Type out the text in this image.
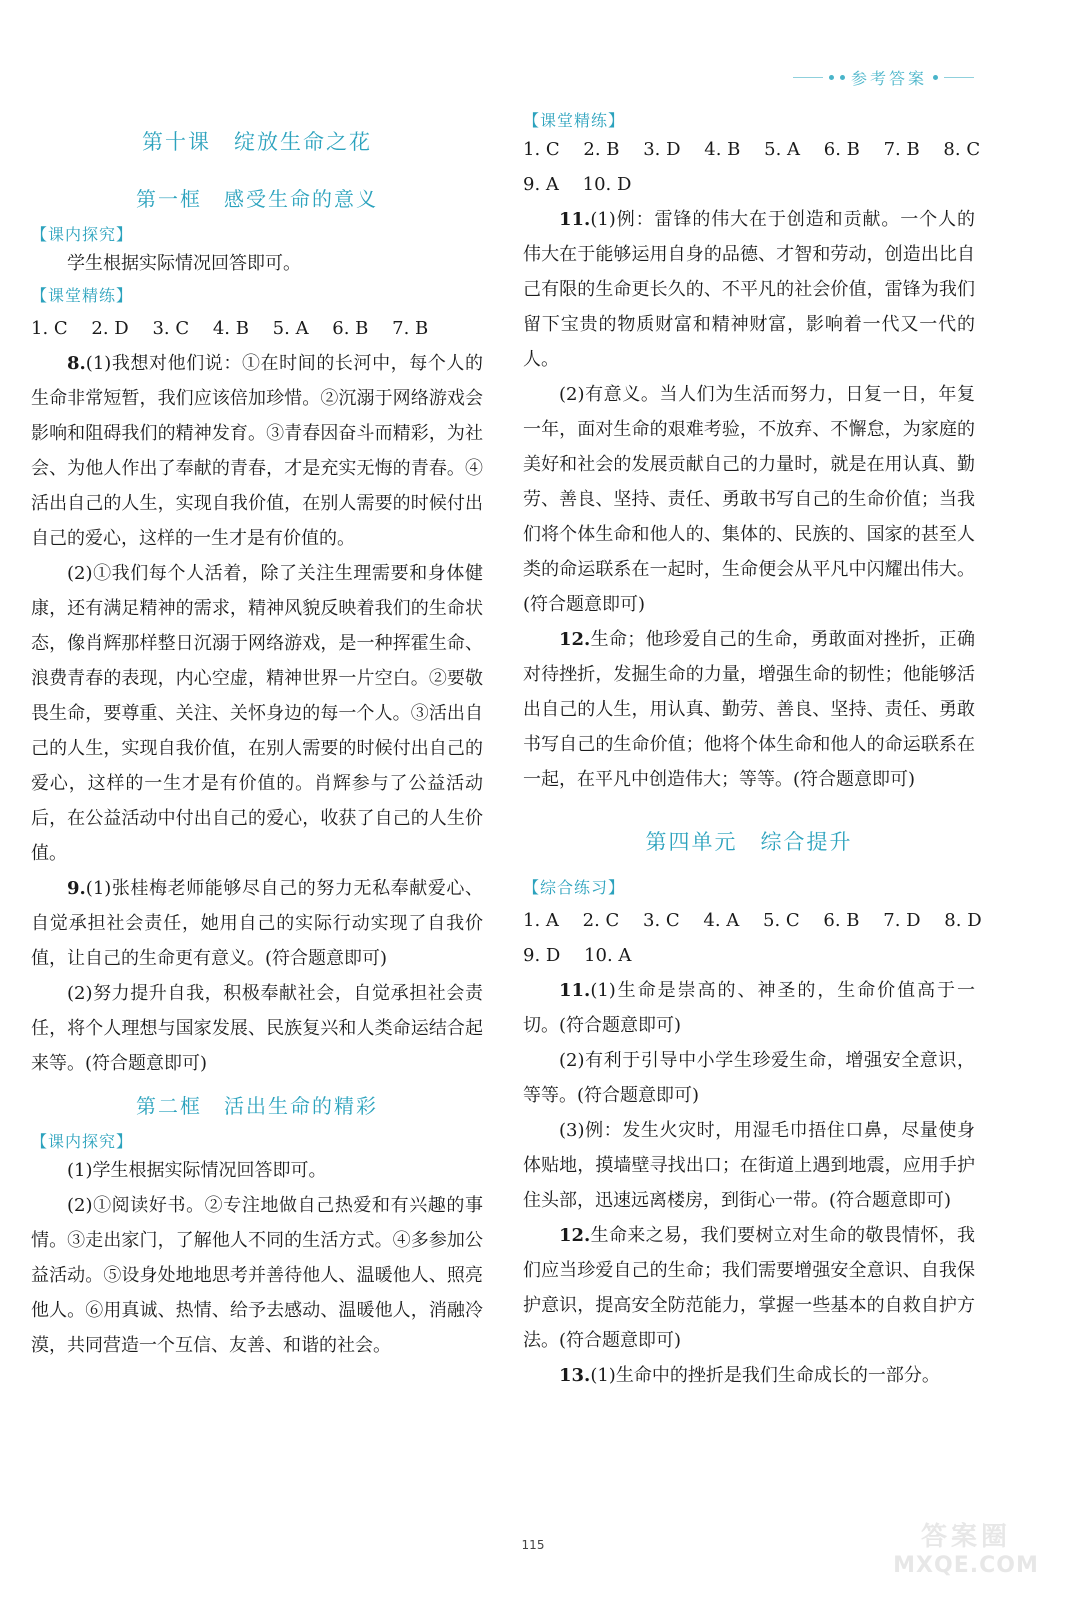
参考答案
第十课　绽放生命之花
第一框　感受生命的意义
【课内探究】

学生根据实际情况回答即可。

【课堂精练】

1. C　 2. D　 3. C　 4. B　 5. A　 6. B　 7. B

8.(1)我想对他们说：①在时间的长河中，每个人的生命非常短暂，我们应该倍加珍惜。②沉溺于网络游戏会影响和阻碍我们的精神发育。③青春因奋斗而精彩，为社会、为他人作出了奉献的青春，才是充实无悔的青春。④活出自己的人生，实现自我价值，在别人需要的时候付出自己的爱心，这样的一生才是有价值的。

(2)①我们每个人活着，除了关注生理需要和身体健康，还有满足精神的需求，精神风貌反映着我们的生命状态，像肖辉那样整日沉溺于网络游戏，是一种挥霍生命、浪费青春的表现，内心空虚，精神世界一片空白。②要敬畏生命，要尊重、关注、关怀身边的每一个人。③活出自己的人生，实现自我价值，在别人需要的时候付出自己的爱心，这样的一生才是有价值的。肖辉参与了公益活动后，在公益活动中付出自己的爱心，收获了自己的人生价值。

9.(1)张桂梅老师能够尽自己的努力无私奉献爱心、自觉承担社会责任，她用自己的实际行动实现了自我价值，让自己的生命更有意义。(符合题意即可)

(2)努力提升自我，积极奉献社会，自觉承担社会责任，将个人理想与国家发展、民族复兴和人类命运结合起来等。(符合题意即可)

第二框　活出生命的精彩
【课内探究】

(1)学生根据实际情况回答即可。

(2)①阅读好书。②专注地做自己热爱和有兴趣的事情。③走出家门，了解他人不同的生活方式。④多参加公益活动。⑤设身处地地思考并善待他人、温暖他人、照亮他人。⑥用真诚、热情、给予去感动、温暖他人，消融冷漠，共同营造一个互信、友善、和谐的社会。

【课堂精练】

1. C　 2. B　 3. D　 4. B　 5. A　 6. B　 7. B　 8. C

9. A　 10. D

11.(1)例：雷锋的伟大在于创造和贡献。一个人的伟大在于能够运用自身的品德、才智和劳动，创造出比自己有限的生命更长久的、不平凡的社会价值，雷锋为我们留下宝贵的物质财富和精神财富，影响着一代又一代的人。

(2)有意义。当人们为生活而努力，日复一日，年复一年，面对生命的艰难考验，不放弃、不懈怠，为家庭的美好和社会的发展贡献自己的力量时，就是在用认真、勤劳、善良、坚持、责任、勇敢书写自己的生命价值；当我们将个体生命和他人的、集体的、民族的、国家的甚至人类的命运联系在一起时，生命便会从平凡中闪耀出伟大。(符合题意即可)

12.生命；他珍爱自己的生命，勇敢面对挫折，正确对待挫折，发掘生命的力量，增强生命的韧性；他能够活出自己的人生，用认真、勤劳、善良、坚持、责任、勇敢书写自己的生命价值；他将个体生命和他人的命运联系在一起，在平凡中创造伟大；等等。(符合题意即可)

第四单元　综合提升
【综合练习】

1. A　 2. C　 3. C　 4. A　 5. C　 6. B　 7. D　 8. D

9. D　 10. A

11.(1)生命是崇高的、神圣的，生命价值高于一切。(符合题意即可)

(2)有利于引导中小学生珍爱生命，增强安全意识，等等。(符合题意即可)

(3)例：发生火灾时，用湿毛巾捂住口鼻，尽量使身体贴地，摸墙壁寻找出口；在街道上遇到地震，应用手护住头部，迅速远离楼房，到街心一带。(符合题意即可)

12.生命来之易，我们要树立对生命的敬畏情怀，我们应当珍爱自己的生命；我们需要增强安全意识、自我保护意识，提高安全防范能力，掌握一些基本的自救自护方法。(符合题意即可)

13.(1)生命中的挫折是我们生命成长的一部分。

115	答案圈
MXQE.COM
